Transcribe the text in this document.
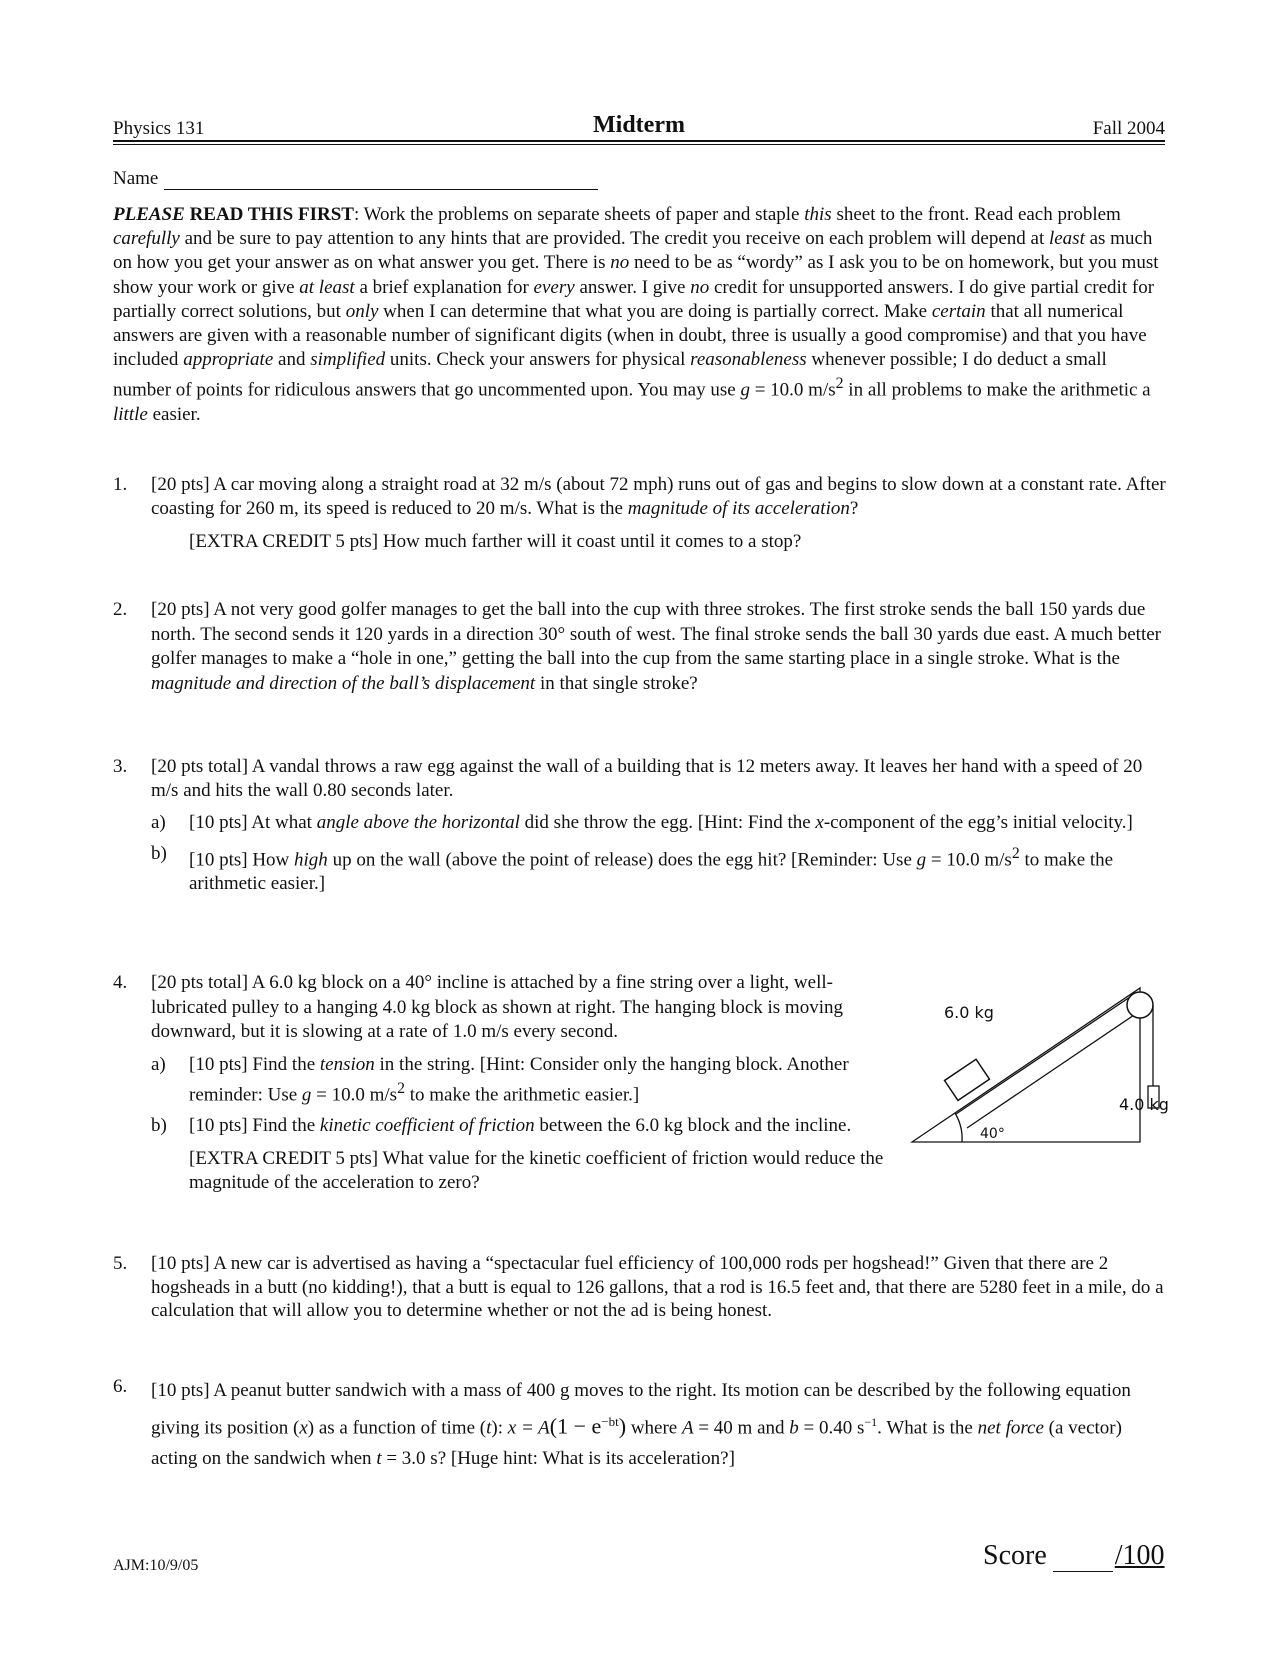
Physics 131	Midterm	Fall 2004
Name
PLEASE READ THIS FIRST: Work the problems on separate sheets of paper and staple this sheet to the front. Read each problem carefully and be sure to pay attention to any hints that are provided. The credit you receive on each problem will depend at least as much on how you get your answer as on what answer you get. There is no need to be as “wordy” as I ask you to be on homework, but you must show your work or give at least a brief explanation for every answer. I give no credit for unsupported answers. I do give partial credit for partially correct solutions, but only when I can determine that what you are doing is partially correct. Make certain that all numerical answers are given with a reasonable number of significant digits (when in doubt, three is usually a good compromise) and that you have included appropriate and simplified units. Check your answers for physical reasonableness whenever possible; I do deduct a small number of points for ridiculous answers that go uncommented upon. You may use g = 10.0 $m/s^2$ in all problems to make the arithmetic a little easier.
1. [20 pts] A car moving along a straight road at 32 m/s (about 72 mph) runs out of gas and begins to slow down at a constant rate. After coasting for 260 m, its speed is reduced to 20 m/s. What is the magnitude of its acceleration?
[EXTRA CREDIT 5 pts] How much farther will it coast until it comes to a stop?
2. [20 pts] A not very good golfer manages to get the ball into the cup with three strokes. The first stroke sends the ball 150 yards due north. The second sends it 120 yards in a direction 30° south of west. The final stroke sends the ball 30 yards due east. A much better golfer manages to make a “hole in one,” getting the ball into the cup from the same starting place in a single stroke. What is the magnitude and direction of the ball’s displacement in that single stroke?
3. [20 pts total] A vandal throws a raw egg against the wall of a building that is 12 meters away. It leaves her hand with a speed of 20 m/s and hits the wall 0.80 seconds later.
a) [10 pts] At what angle above the horizontal did she throw the egg. [Hint: Find the x-component of the egg’s initial velocity.]
b) [10 pts] How high up on the wall (above the point of release) does the egg hit? [Reminder: Use g = 10.0 $m/s^2$ to make the arithmetic easier.]
4. [20 pts total] A 6.0 kg block on a 40° incline is attached by a fine string over a light, well-lubricated pulley to a hanging 4.0 kg block as shown at right. The hanging block is moving downward, but it is slowing at a rate of 1.0 m/s every second.
a) [10 pts] Find the tension in the string. [Hint: Consider only the hanging block. Another reminder: Use g = 10.0 $m/s^2$ to make the arithmetic easier.]
b) [10 pts] Find the kinetic coefficient of friction between the 6.0 kg block and the incline.
[EXTRA CREDIT 5 pts] What value for the kinetic coefficient of friction would reduce the magnitude of the acceleration to zero?
6.0 kg
4.0 kg
40°
5. [10 pts] A new car is advertised as having a “spectacular fuel efficiency of 100,000 rods per hogshead!” Given that there are 2 hogsheads in a butt (no kidding!), that a butt is equal to 126 gallons, that a rod is 16.5 feet and, that there are 5280 feet in a mile, do a calculation that will allow you to determine whether or not the ad is being honest.
6. [10 pts] A peanut butter sandwich with a mass of 400 g moves to the right. Its motion can be described by the following equation giving its position (x) as a function of time (t): $x = A(1 - e^{-bt})$ where A = 40 m and b = 0.40 $s^{-1}$. What is the net force (a vector) acting on the sandwich when t = 3.0 s? [Huge hint: What is its acceleration?]
AJM:10/9/05	Score /100
